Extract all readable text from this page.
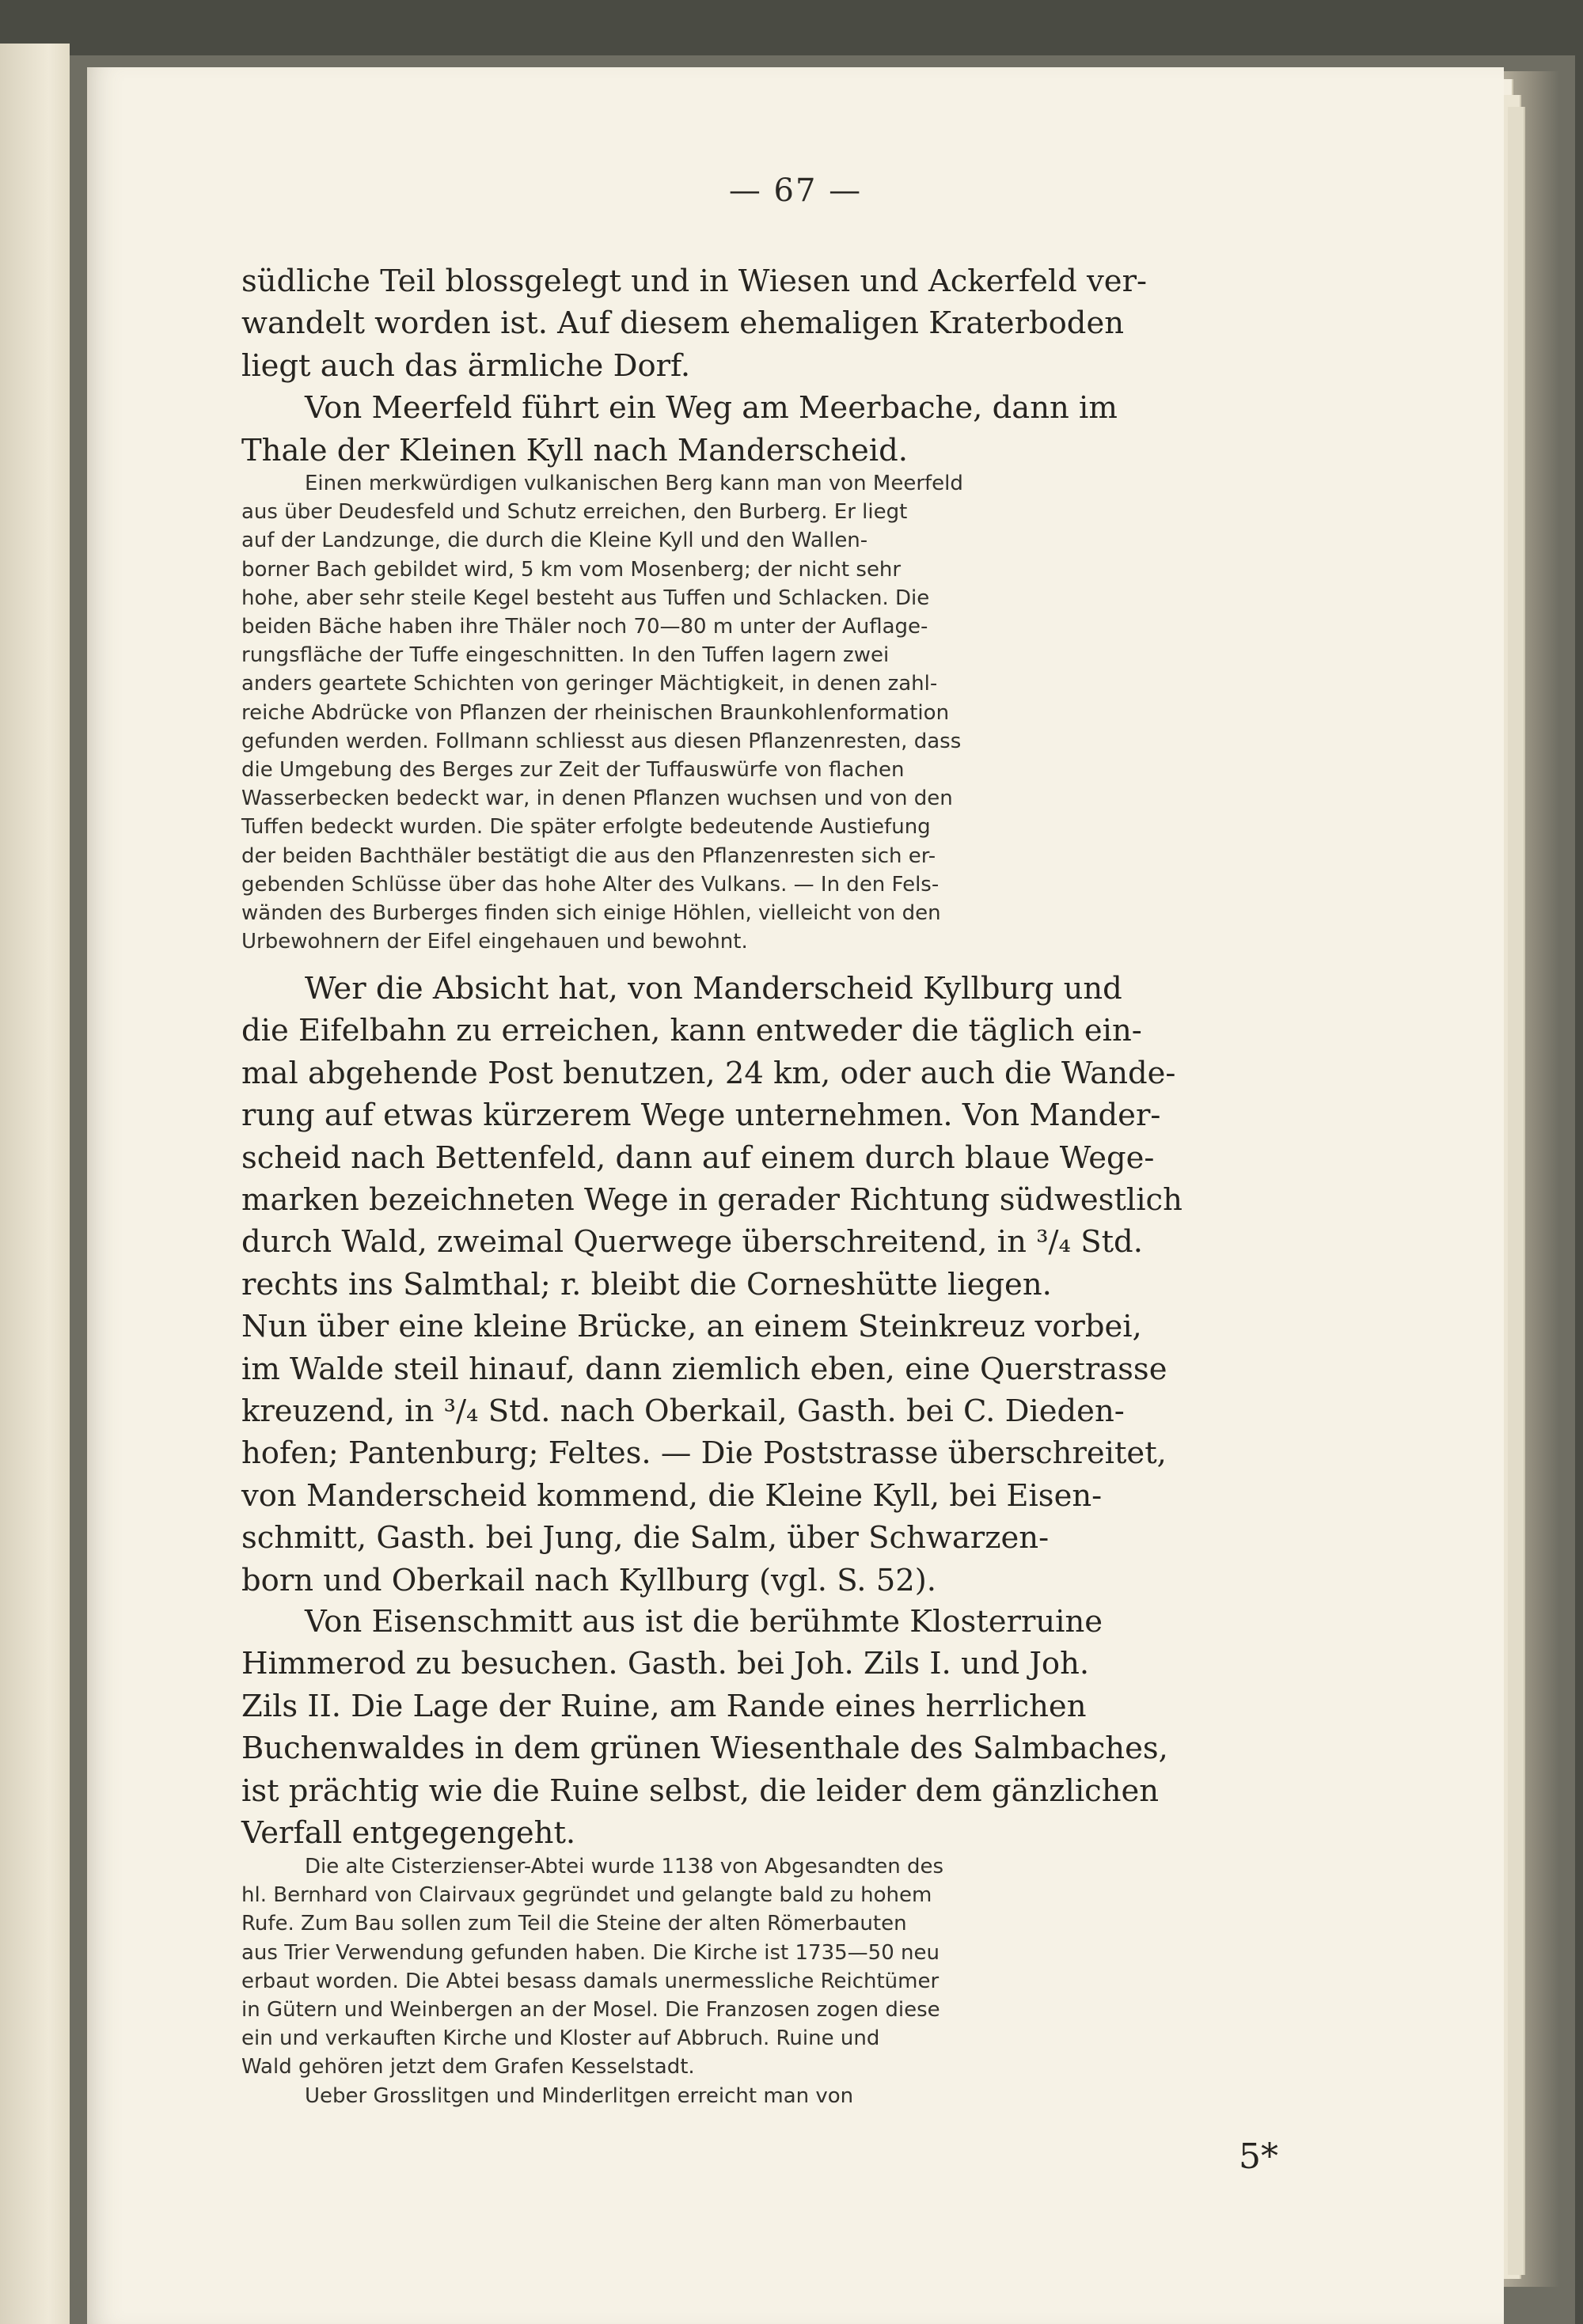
— 67 —
südliche Teil blossgelegt und in Wiesen und Ackerfeld ver-
wandelt worden ist. Auf diesem ehemaligen Kraterboden
liegt auch das ärmliche Dorf.
Von Meerfeld führt ein Weg am Meerbache, dann im
Thale der Kleinen Kyll nach Manderscheid.
Einen merkwürdigen vulkanischen Berg kann man von Meerfeld
aus über Deudesfeld und Schutz erreichen, den Burberg. Er liegt
auf der Landzunge, die durch die Kleine Kyll und den Wallen-
borner Bach gebildet wird, 5 km vom Mosenberg; der nicht sehr
hohe, aber sehr steile Kegel besteht aus Tuffen und Schlacken. Die
beiden Bäche haben ihre Thäler noch 70—80 m unter der Auflage-
rungsfläche der Tuffe eingeschnitten. In den Tuffen lagern zwei
anders geartete Schichten von geringer Mächtigkeit, in denen zahl-
reiche Abdrücke von Pflanzen der rheinischen Braunkohlenformation
gefunden werden. Follmann schliesst aus diesen Pflanzenresten, dass
die Umgebung des Berges zur Zeit der Tuffauswürfe von flachen
Wasserbecken bedeckt war, in denen Pflanzen wuchsen und von den
Tuffen bedeckt wurden. Die später erfolgte bedeutende Austiefung
der beiden Bachthäler bestätigt die aus den Pflanzenresten sich er-
gebenden Schlüsse über das hohe Alter des Vulkans. — In den Fels-
wänden des Burberges finden sich einige Höhlen, vielleicht von den
Urbewohnern der Eifel eingehauen und bewohnt.
Wer die Absicht hat, von Manderscheid Kyllburg und
die Eifelbahn zu erreichen, kann entweder die täglich ein-
mal abgehende Post benutzen, 24 km, oder auch die Wande-
rung auf etwas kürzerem Wege unternehmen. Von Mander-
scheid nach Bettenfeld, dann auf einem durch blaue Wege-
marken bezeichneten Wege in gerader Richtung südwestlich
durch Wald, zweimal Querwege überschreitend, in ³/₄ Std.
rechts ins Salmthal; r. bleibt die Corneshütte liegen.
Nun über eine kleine Brücke, an einem Steinkreuz vorbei,
im Walde steil hinauf, dann ziemlich eben, eine Querstrasse
kreuzend, in ³/₄ Std. nach Oberkail, Gasth. bei C. Dieden-
hofen; Pantenburg; Feltes. — Die Poststrasse überschreitet,
von Manderscheid kommend, die Kleine Kyll, bei Eisen-
schmitt, Gasth. bei Jung, die Salm, über Schwarzen-
born und Oberkail nach Kyllburg (vgl. S. 52).
Von Eisenschmitt aus ist die berühmte Klosterruine
Himmerod zu besuchen. Gasth. bei Joh. Zils I. und Joh.
Zils II. Die Lage der Ruine, am Rande eines herrlichen
Buchenwaldes in dem grünen Wiesenthale des Salmbaches,
ist prächtig wie die Ruine selbst, die leider dem gänzlichen
Verfall entgegengeht.
Die alte Cisterzienser-Abtei wurde 1138 von Abgesandten des
hl. Bernhard von Clairvaux gegründet und gelangte bald zu hohem
Rufe. Zum Bau sollen zum Teil die Steine der alten Römerbauten
aus Trier Verwendung gefunden haben. Die Kirche ist 1735—50 neu
erbaut worden. Die Abtei besass damals unermessliche Reichtümer
in Gütern und Weinbergen an der Mosel. Die Franzosen zogen diese
ein und verkauften Kirche und Kloster auf Abbruch. Ruine und
Wald gehören jetzt dem Grafen Kesselstadt.
Ueber Grosslitgen und Minderlitgen erreicht man von
5*
